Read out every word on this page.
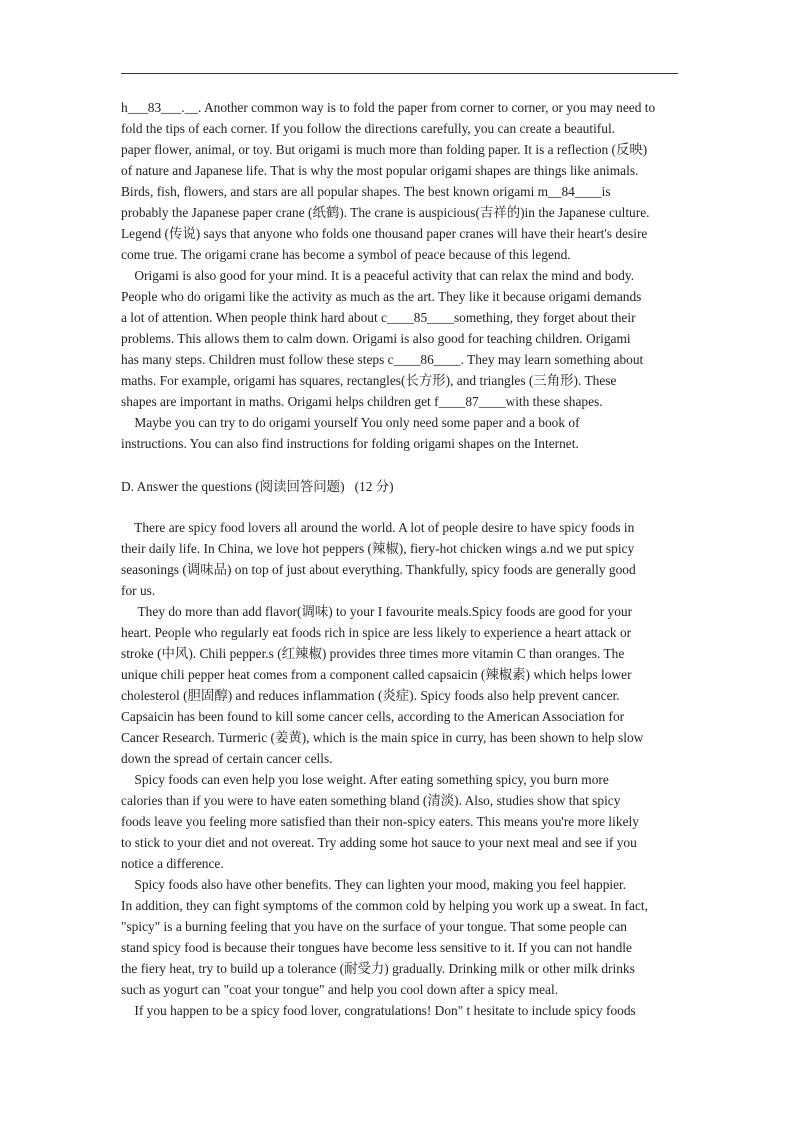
h___83___.__. Another common way is to fold the paper from corner to corner, or you may need to
fold the tips of each corner. If you follow the directions carefully, you can create a beautiful.
paper flower, animal, or toy. But origami is much more than folding paper. It is a reflection (反映)
of nature and Japanese life. That is why the most popular origami shapes are things like animals.
Birds, fish, flowers, and stars are all popular shapes. The best known origami m__84____is
probably the Japanese paper crane (纸鹤). The crane is auspicious(吉祥的)in the Japanese culture.
Legend (传说) says that anyone who folds one thousand paper cranes will have their heart's desire
come true. The origami crane has become a symbol of peace because of this legend.
Origami is also good for your mind. It is a peaceful activity that can relax the mind and body.
People who do origami like the activity as much as the art. They like it because origami demands
a lot of attention. When people think hard about c____85____something, they forget about their
problems. This allows them to calm down. Origami is also good for teaching children. Origami
has many steps. Children must follow these steps c____86____. They may learn something about
maths. For example, origami has squares, rectangles(长方形), and triangles (三角形). These
shapes are important in maths. Origami helps children get f____87____with these shapes.
Maybe you can try to do origami yourself You only need some paper and a book of
instructions. You can also find instructions for folding origami shapes on the Internet.
D. Answer the questions (阅读回答问题)   (12 分)
There are spicy food lovers all around the world. A lot of people desire to have spicy foods in
their daily life. In China, we love hot peppers (辣椒), fiery-hot chicken wings a.nd we put spicy
seasonings (调味品) on top of just about everything. Thankfully, spicy foods are generally good
for us.
They do more than add flavor(调味) to your I favourite meals.Spicy foods are good for your
heart. People who regularly eat foods rich in spice are less likely to experience a heart attack or
stroke (中风). Chili pepper.s (红辣椒) provides three times more vitamin C than oranges. The
unique chili pepper heat comes from a component called capsaicin (辣椒素) which helps lower
cholesterol (胆固醇) and reduces inflammation (炎症). Spicy foods also help prevent cancer.
Capsaicin has been found to kill some cancer cells, according to the American Association for
Cancer Research. Turmeric (姜黄), which is the main spice in curry, has been shown to help slow
down the spread of certain cancer cells.
Spicy foods can even help you lose weight. After eating something spicy, you burn more
calories than if you were to have eaten something bland (清淡). Also, studies show that spicy
foods leave you feeling more satisfied than their non-spicy eaters. This means you're more likely
to stick to your diet and not overeat. Try adding some hot sauce to your next meal and see if you
notice a difference.
Spicy foods also have other benefits. They can lighten your mood, making you feel happier.
In addition, they can fight symptoms of the common cold by helping you work up a sweat. In fact,
"spicy" is a burning feeling that you have on the surface of your tongue. That some people can
stand spicy food is because their tongues have become less sensitive to it. If you can not handle
the fiery heat, try to build up a tolerance (耐受力) gradually. Drinking milk or other milk drinks
such as yogurt can "coat your tongue" and help you cool down after a spicy meal.
If you happen to be a spicy food lover, congratulations! Don" t hesitate to include spicy foods
